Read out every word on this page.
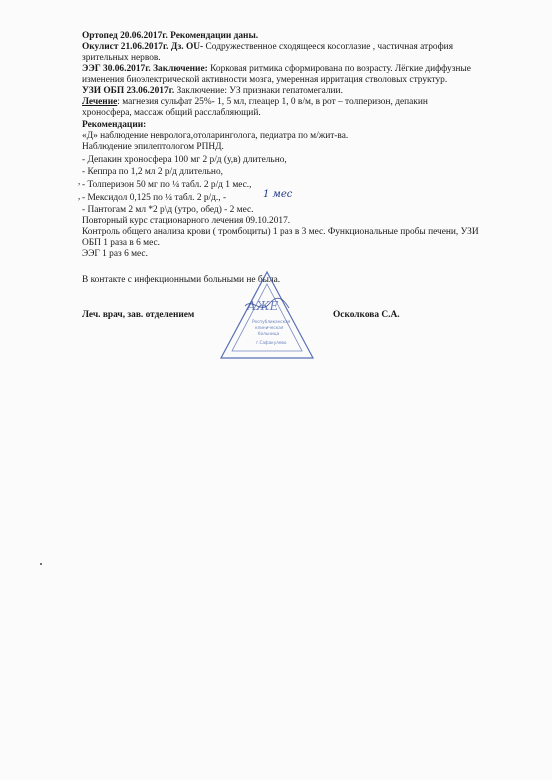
Ортопед 20.06.2017г. Рекомендации даны.
Окулист 21.06.2017г. Дз. OU- Содружественное сходящееся косоглазие , частичная атрофия
зрительных нервов.
ЭЭГ 30.06.2017г. Заключение: Корковая ритмика сформирована по возрасту. Лёгкие диффузные
изменения биоэлектрической активности мозга, умеренная ирритация стволовых структур.
УЗИ ОБП 23.06.2017г. Заключение: УЗ признаки гепатомегалии.
Лечение: магнезия сульфат 25%- 1, 5 мл, глеацер 1, 0 в/м, в рот – толперизон, депакин
хроносфера, массаж общий расслабляющий.
Рекомендации:
«Д» наблюдение невролога,отоларинголога, педиатра по м/жит-ва.
Наблюдение эпилептологом РПНД.
- Депакин хроносфера 100 мг 2 р/д (у,в) длительно,
- Кеппра по 1,2 мл 2 р/д длительно,
- Толперизон 50 мг по ¼ табл. 2 р/д 1 мес.,
- Мексидол 0,125 по ¼ табл. 2 р/д., -
- Пантогам 2 мл *2 р\д (утро, обед) - 2 мес.
Повторный курс стационарного лечения 09.10.2017.
Контроль общего анализа крови ( тромбоциты) 1 раз в 3 мес. Функциональные пробы печени, УЗИ
ОБП 1 раза в 6 мес.
ЭЭГ 1 раз 6 мес.
В контакте с инфекционными больными не была.
Леч. врач, зав. отделением	Осколкова С.А.
,
,	1 мес
АЖЕ
Республиканская
клиническая
больница
г.Сафакулево
